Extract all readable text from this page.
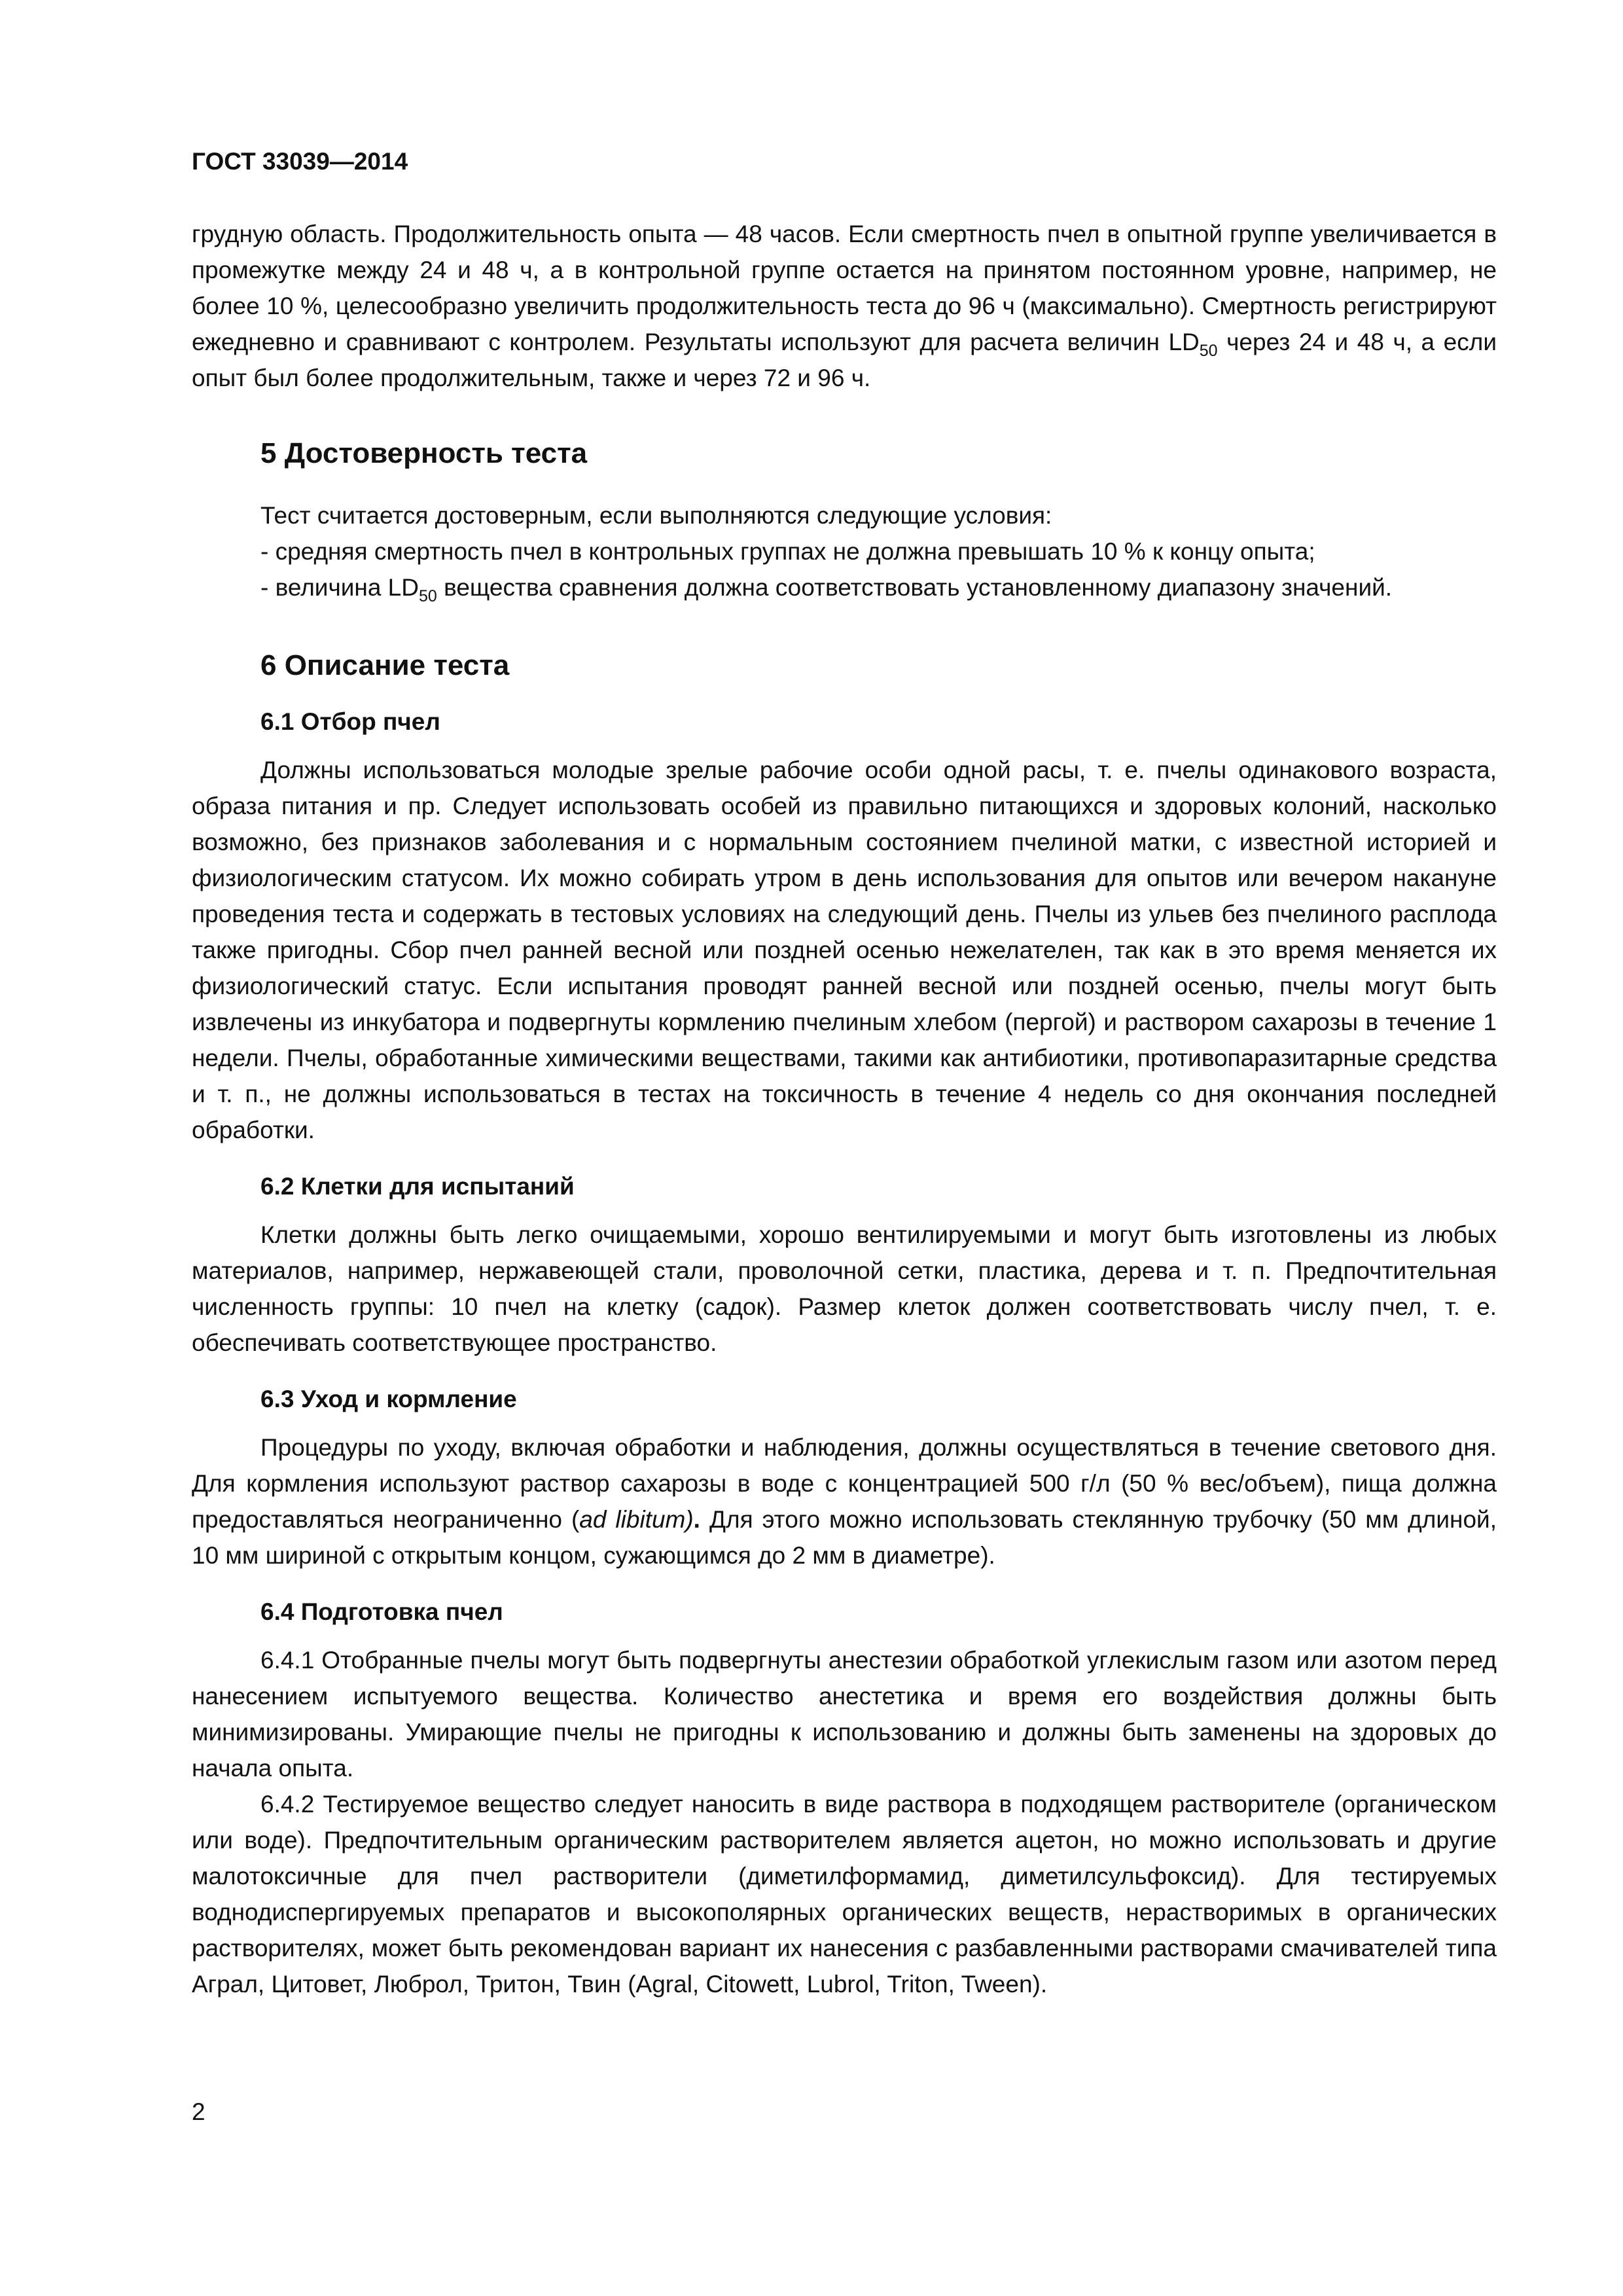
ГОСТ 33039—2014

грудную область. Продолжительность опыта — 48 часов. Если смертность пчел в опытной группе увеличивается в промежутке между 24 и 48 ч, а в контрольной группе остается на принятом постоянном уровне, например, не более 10 %, целесообразно увеличить продолжительность теста до 96 ч (максимально). Смертность регистрируют ежедневно и сравнивают с контролем. Результаты используют для расчета величин $LD_{50}$ через 24 и 48 ч, а если опыт был более продолжительным, также и через 72 и 96 ч.

5 Достоверность теста

Тест считается достоверным, если выполняются следующие условия:

- средняя смертность пчел в контрольных группах не должна превышать 10 % к концу опыта;

- величина $LD_{50}$ вещества сравнения должна соответствовать установленному диапазону значений.

6 Описание теста
6.1 Отбор пчел

Должны использоваться молодые зрелые рабочие особи одной расы, т. е. пчелы одинакового возраста, образа питания и пр. Следует использовать особей из правильно питающихся и здоровых колоний, насколько возможно, без признаков заболевания и с нормальным состоянием пчелиной матки, с известной историей и физиологическим статусом. Их можно собирать утром в день использования для опытов или вечером накануне проведения теста и содержать в тестовых условиях на следующий день. Пчелы из ульев без пчелиного расплода также пригодны. Сбор пчел ранней весной или поздней осенью нежелателен, так как в это время меняется их физиологический статус. Если испытания проводят ранней весной или поздней осенью, пчелы могут быть извлечены из инкубатора и подвергнуты кормлению пчелиным хлебом (пергой) и раствором сахарозы в течение 1 недели. Пчелы, обработанные химическими веществами, такими как антибиотики, противопаразитарные средства и т. п., не должны использоваться в тестах на токсичность в течение 4 недель со дня окончания последней обработки.

6.2 Клетки для испытаний

Клетки должны быть легко очищаемыми, хорошо вентилируемыми и могут быть изготовлены из любых материалов, например, нержавеющей стали, проволочной сетки, пластика, дерева и т. п. Предпочтительная численность группы: 10 пчел на клетку (садок). Размер клеток должен соответствовать числу пчел, т. е. обеспечивать соответствующее пространство.

6.3 Уход и кормление

Процедуры по уходу, включая обработки и наблюдения, должны осуществляться в течение светового дня. Для кормления используют раствор сахарозы в воде с концентрацией 500 г/л (50 % вес/объем), пища должна предоставляться неограниченно (ad libitum). Для этого можно использовать стеклянную трубочку (50 мм длиной, 10 мм шириной с открытым концом, сужающимся до 2 мм в диаметре).

6.4 Подготовка пчел

6.4.1 Отобранные пчелы могут быть подвергнуты анестезии обработкой углекислым газом или азотом перед нанесением испытуемого вещества. Количество анестетика и время его воздействия должны быть минимизированы. Умирающие пчелы не пригодны к использованию и должны быть заменены на здоровых до начала опыта.

6.4.2 Тестируемое вещество следует наносить в виде раствора в подходящем растворителе (органическом или воде). Предпочтительным органическим растворителем является ацетон, но можно использовать и другие малотоксичные для пчел растворители (диметилформамид, диметилсульфоксид). Для тестируемых воднодиспергируемых препаратов и высокополярных органических веществ, нерастворимых в органических растворителях, может быть рекомендован вариант их нанесения с разбавленными растворами смачивателей типа Аграл, Цитовет, Люброл, Тритон, Твин (Agral, Citowett, Lubrol, Triton, Tween).

2
